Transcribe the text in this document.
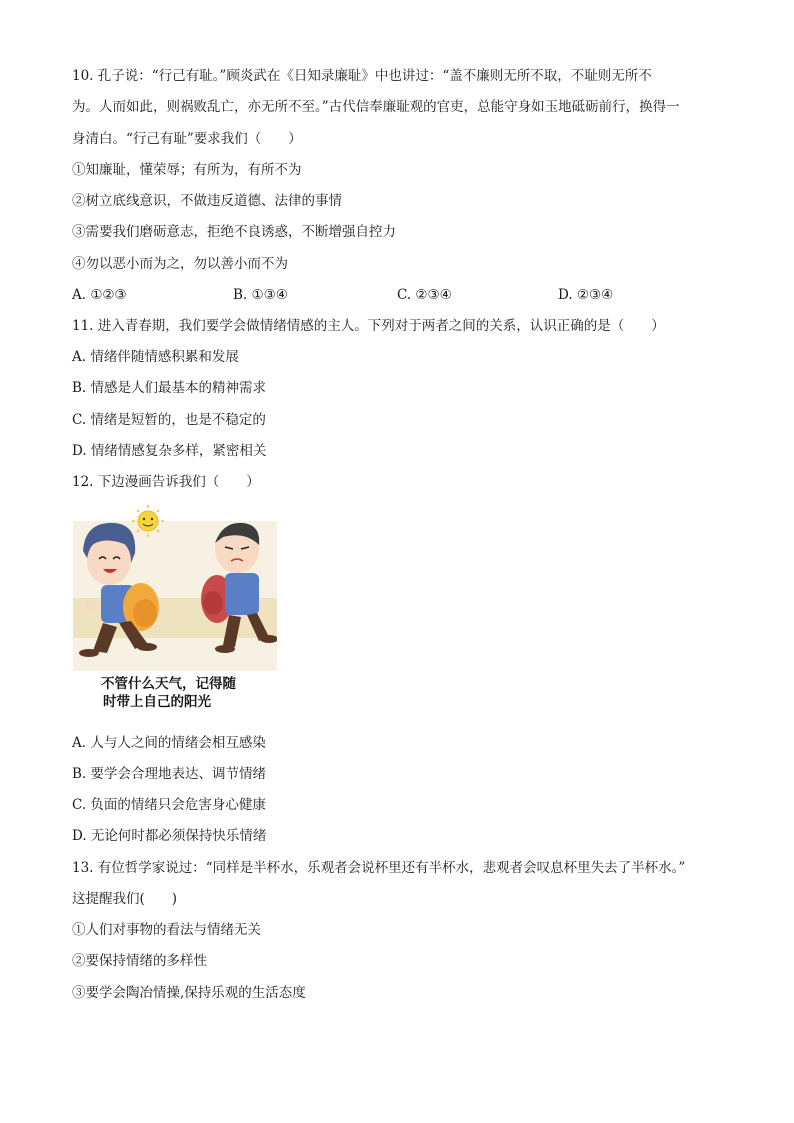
10. 孔子说：“行己有耻。”顾炎武在《日知录廉耻》中也讲过：“盖不廉则无所不取，不耻则无所不
为。人而如此，则祸败乱亡，亦无所不至。”古代信奉廉耻观的官吏，总能守身如玉地砥砺前行，换得一
身清白。“行己有耻”要求我们（　　）
①知廉耻，懂荣辱；有所为，有所不为
②树立底线意识，不做违反道德、法律的事情
③需要我们磨砺意志，拒绝不良诱惑，不断增强自控力
④勿以恶小而为之，勿以善小而不为
A. ①②③	B. ①③④	C. ②③④	D. ②③④
11. 进入青春期，我们要学会做情绪情感的主人。下列对于两者之间的关系，认识正确的是（　　）
A. 情绪伴随情感积累和发展
B. 情感是人们最基本的精神需求
C. 情绪是短暂的，也是不稳定的
D. 情绪情感复杂多样，紧密相关
12. 下边漫画告诉我们（　　）
不管什么天气，记得随
时带上自己的阳光
A. 人与人之间的情绪会相互感染
B. 要学会合理地表达、调节情绪
C. 负面的情绪只会危害身心健康
D. 无论何时都必须保持快乐情绪
13. 有位哲学家说过：“同样是半杯水，乐观者会说杯里还有半杯水，悲观者会叹息杯里失去了半杯水。”
这提醒我们(　　)
①人们对事物的看法与情绪无关
②要保持情绪的多样性
③要学会陶冶情操,保持乐观的生活态度
